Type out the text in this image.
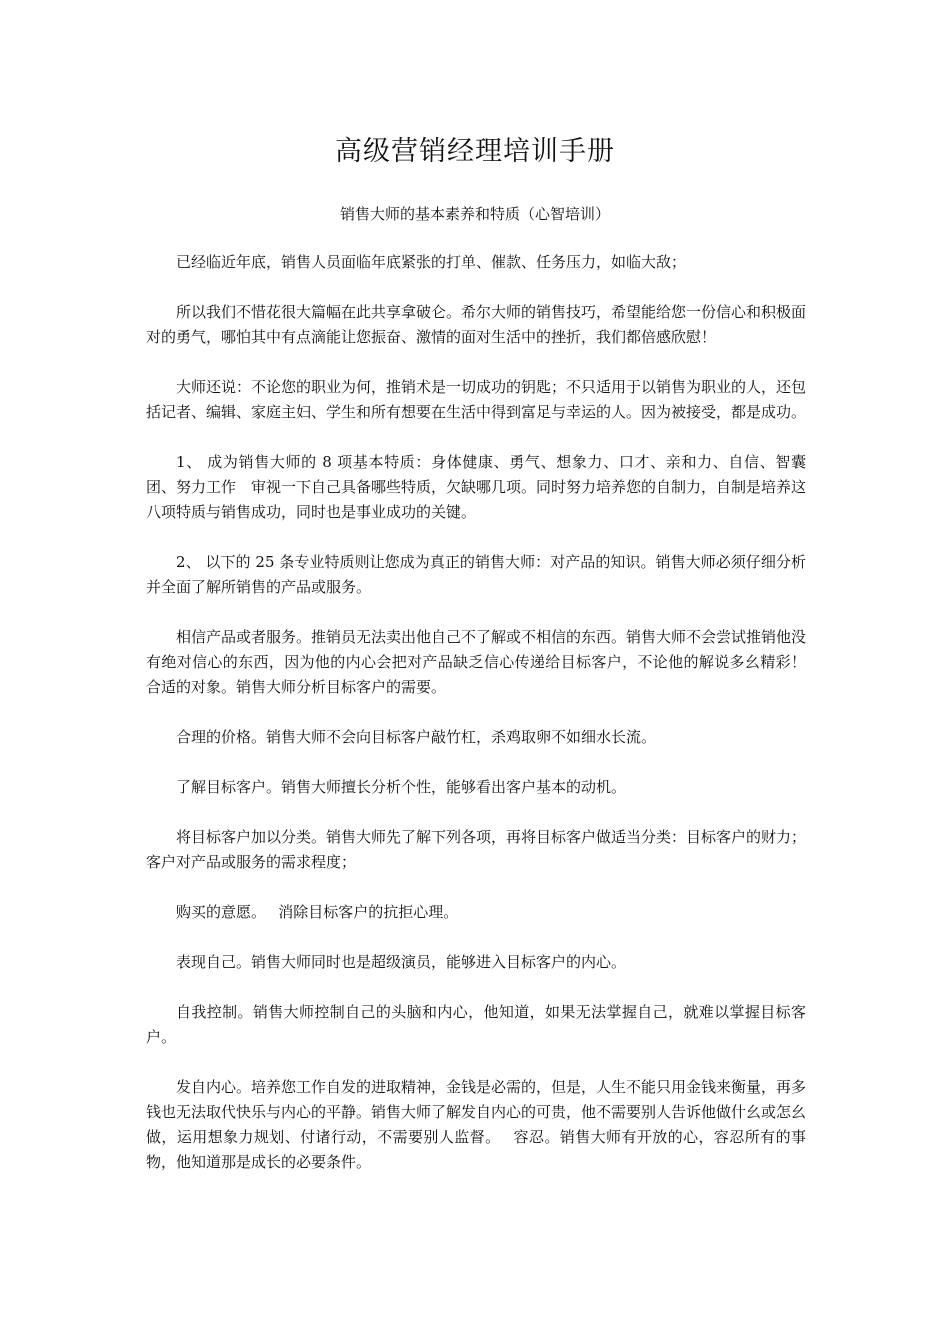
高级营销经理培训手册

销售大师的基本素养和特质（心智培训）

已经临近年底，销售人员面临年底紧张的打单、催款、任务压力，如临大敌；

所以我们不惜花很大篇幅在此共享拿破仑。希尔大师的销售技巧，希望能给您一份信心和积极面对的勇气，哪怕其中有点滴能让您振奋、激情的面对生活中的挫折，我们都倍感欣慰！

大师还说：不论您的职业为何，推销术是一切成功的钥匙；不只适用于以销售为职业的人，还包括记者、编辑、家庭主妇、学生和所有想要在生活中得到富足与幸运的人。因为被接受，都是成功。

1、 成为销售大师的 8 项基本特质：身体健康、勇气、想象力、口才、亲和力、自信、智囊团、努力工作　审视一下自己具备哪些特质，欠缺哪几项。同时努力培养您的自制力，自制是培养这八项特质与销售成功，同时也是事业成功的关键。

2、 以下的 25 条专业特质则让您成为真正的销售大师：对产品的知识。销售大师必须仔细分析并全面了解所销售的产品或服务。

相信产品或者服务。推销员无法卖出他自己不了解或不相信的东西。销售大师不会尝试推销他没有绝对信心的东西，因为他的内心会把对产品缺乏信心传递给目标客户，不论他的解说多幺精彩！　 合适的对象。销售大师分析目标客户的需要。

合理的价格。销售大师不会向目标客户敲竹杠，杀鸡取卵不如细水长流。

了解目标客户。销售大师擅长分析个性，能够看出客户基本的动机。

将目标客户加以分类。销售大师先了解下列各项，再将目标客户做适当分类：目标客户的财力；客户对产品或服务的需求程度；

购买的意愿。　 消除目标客户的抗拒心理。

表现自己。销售大师同时也是超级演员，能够进入目标客户的内心。

自我控制。销售大师控制自己的头脑和内心，他知道，如果无法掌握自己，就难以掌握目标客户。

发自内心。培养您工作自发的进取精神，金钱是必需的，但是，人生不能只用金钱来衡量，再多钱也无法取代快乐与内心的平静。销售大师了解发自内心的可贵，他不需要别人告诉他做什幺或怎幺做，运用想象力规划、付诸行动，不需要别人监督。　 容忍。销售大师有开放的心，容忍所有的事物，他知道那是成长的必要条件。
